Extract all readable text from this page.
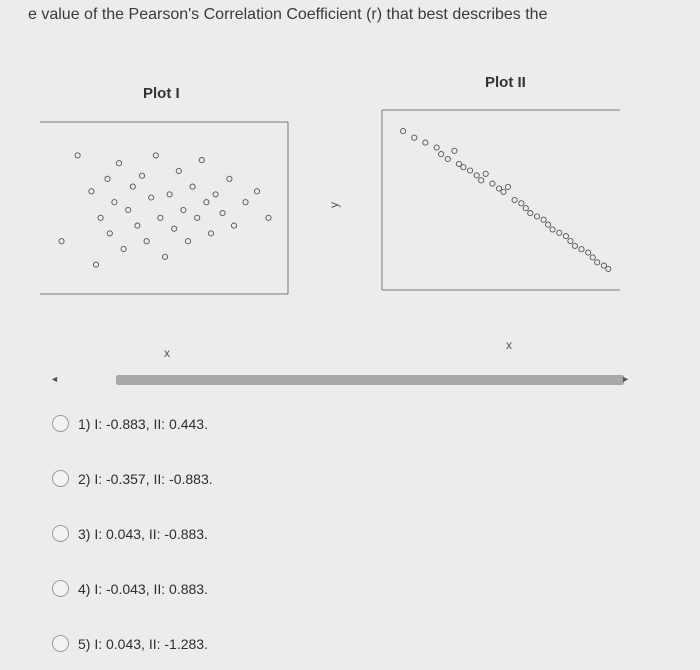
e value of the Pearson's Correlation Coefficient (r) that best describes the
Plot I
Plot II
x
x
y
◄	►
1) I: -0.883, II: 0.443.
2) I: -0.357, II: -0.883.
3) I: 0.043, II: -0.883.
4) I: -0.043, II: 0.883.
5) I: 0.043, II: -1.283.
